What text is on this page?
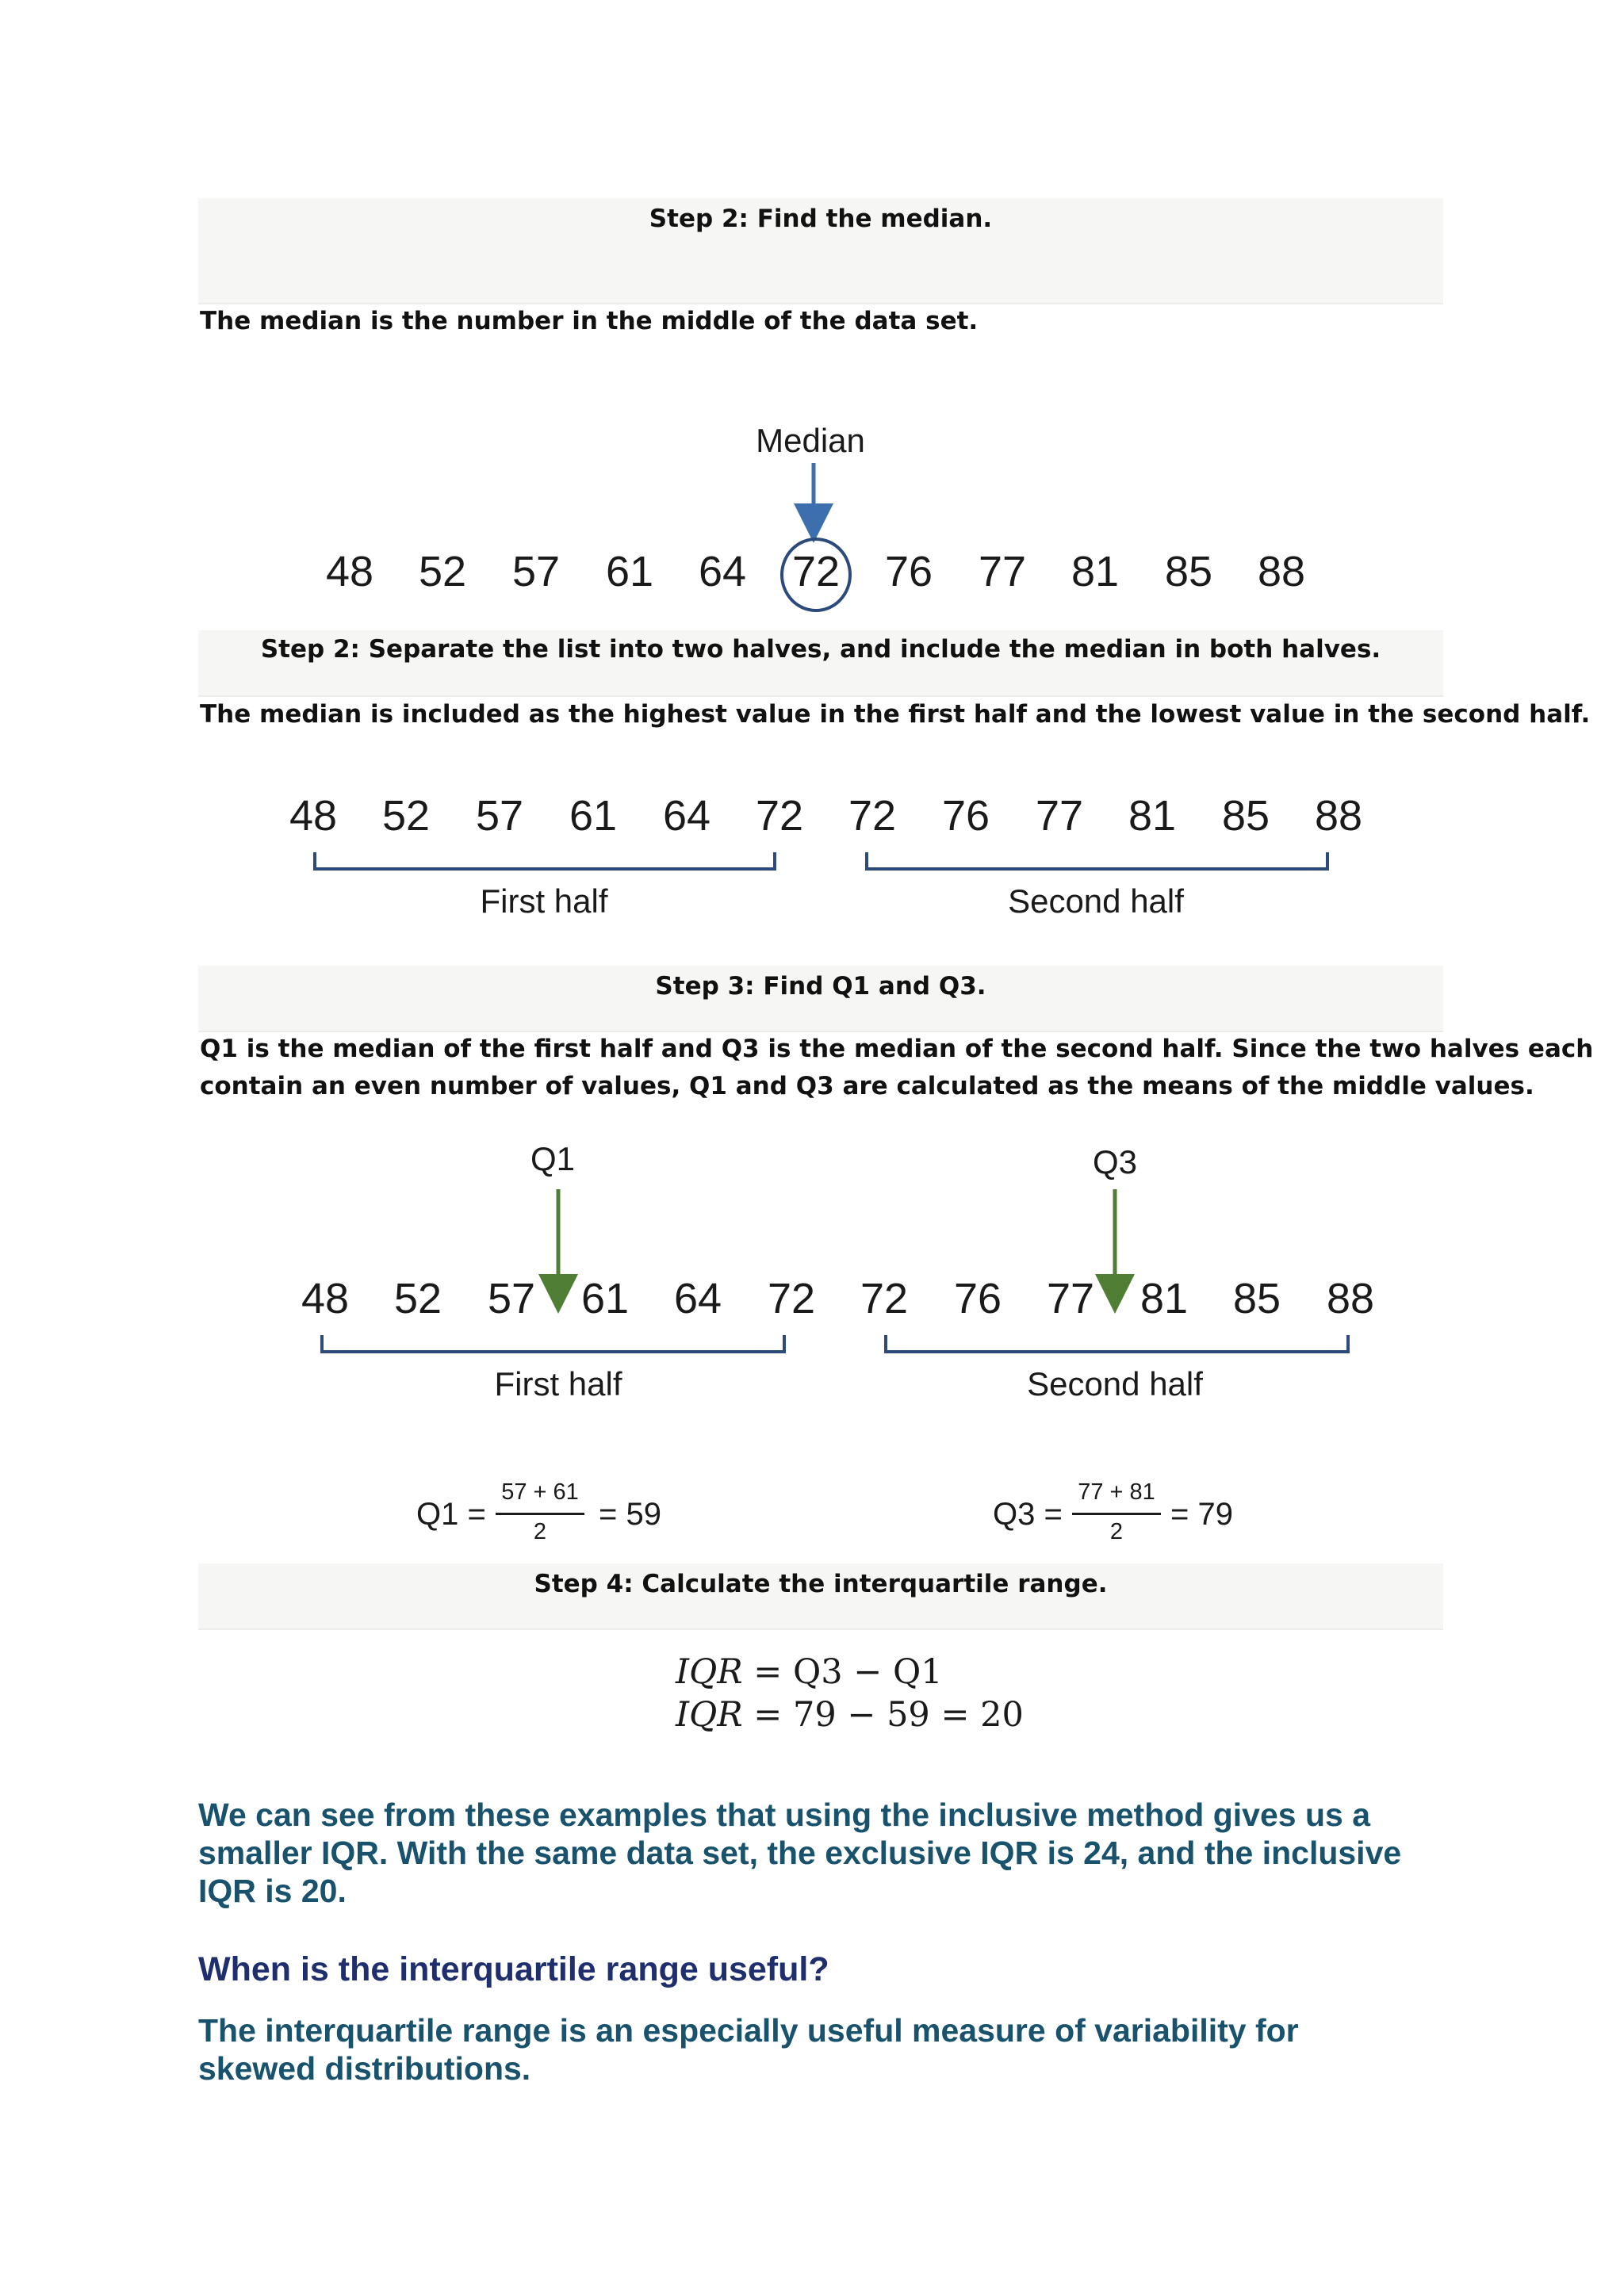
Step 2: Find the median.
The median is the number in the middle of the data set.
Median
48 52 57 61 64 72 76 77 81 85 88
Step 2: Separate the list into two halves, and include the median in both halves.
The median is included as the highest value in the first half and the lowest value in the second half.
48 52 57 61 64 72 72 76 77 81 85 88
First half	Second half
Step 3: Find Q1 and Q3.
Q1 is the median of the first half and Q3 is the median of the second half. Since the two halves each
contain an even number of values, Q1 and Q3 are calculated as the means of the middle values.
Q1	Q3
48 52 57 61 64 72 72 76 77 81 85 88
First half	Second half
Q1 =
57 + 61
2 = 59	Q3 =
77 + 81
2 = 79
Step 4: Calculate the interquartile range.
IQR = Q3 − Q1
IQR = 79 − 59 = 20
We can see from these examples that using the inclusive method gives us a smaller IQR. With the same data set, the exclusive IQR is 24, and the inclusive IQR is 20.
When is the interquartile range useful?
The interquartile range is an especially useful measure of variability for skewed distributions.
